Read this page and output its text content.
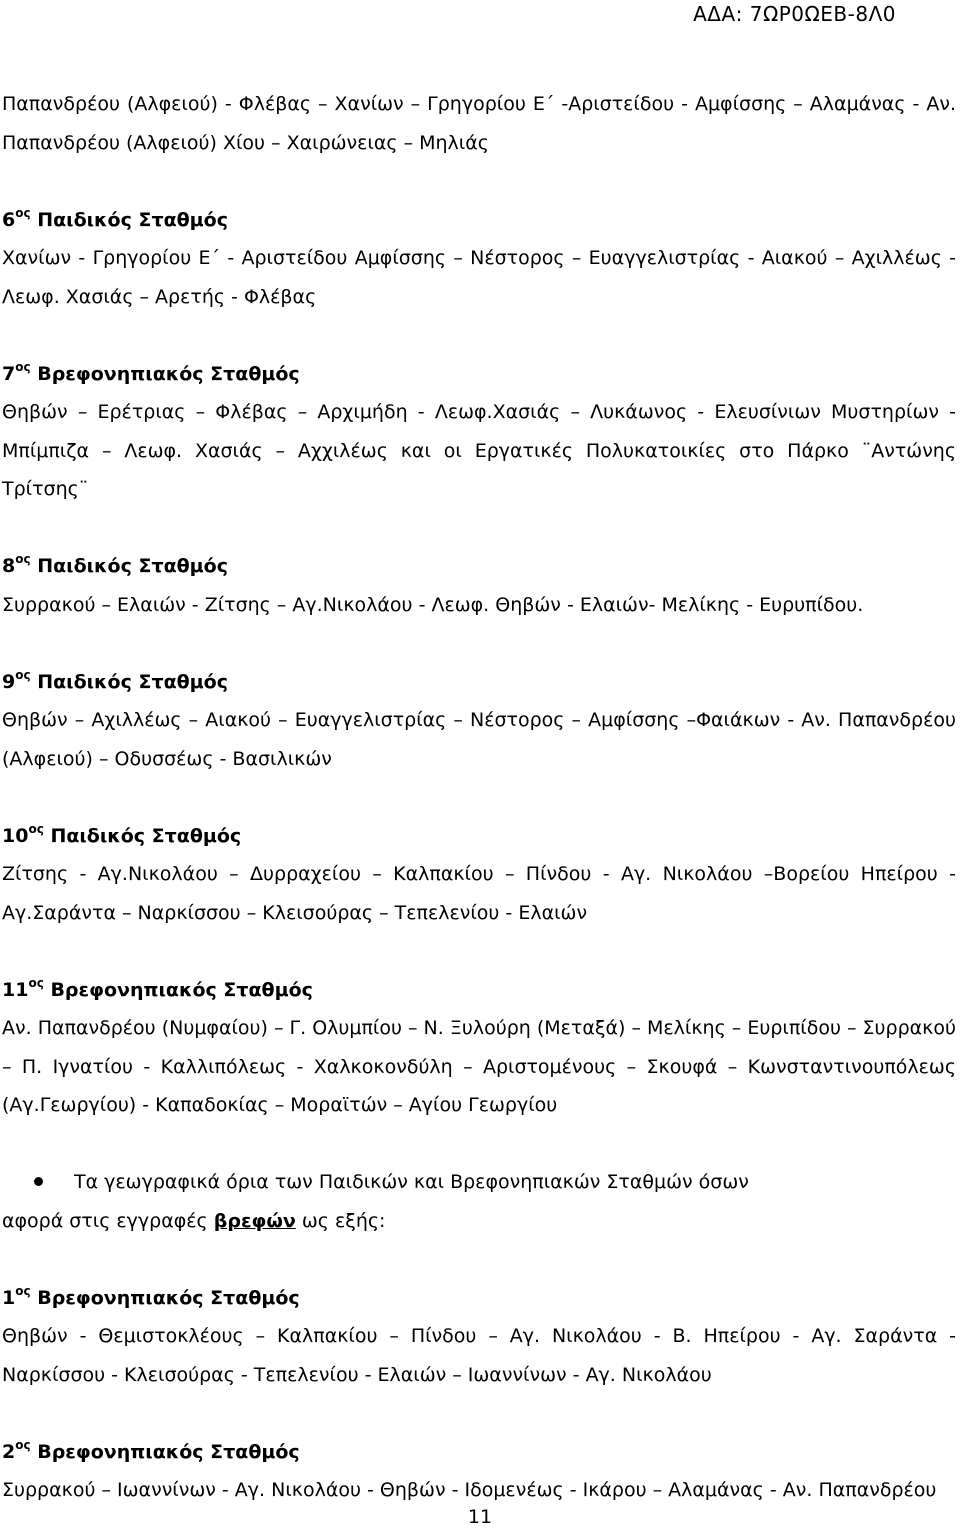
ΑΔΑ: 7ΩΡ0ΩΕΒ-8Λ0

Παπανδρέου (Αλφειού) - Φλέβας – Χανίων – Γρηγορίου Ε΄ -Αριστείδου - Αμφίσσης – Αλαμάνας - Αν. Παπανδρέου (Αλφειού) Χίου – Χαιρώνειας – Μηλιάς

$6^{o\varsigma}$ Παιδικός Σταθμός

Χανίων - Γρηγορίου Ε΄ - Αριστείδου Αμφίσσης – Νέστορος – Ευαγγελιστρίας - Αιακού – Αχιλλέως - Λεωφ. Χασιάς – Αρετής - Φλέβας

$7^{o\varsigma}$ Βρεφονηπιακός Σταθμός

Θηβών – Ερέτριας – Φλέβας – Αρχιμήδη - Λεωφ.Χασιάς – Λυκάωνος - Ελευσίνιων Μυστηρίων - Μπίμπιζα – Λεωφ. Χασιάς – Αχχιλέως και οι Εργατικές Πολυκατοικίες στο Πάρκο ¨Αντώνης Τρίτσης¨

$8^{o\varsigma}$ Παιδικός Σταθμός

Συρρακού – Ελαιών - Ζίτσης – Αγ.Νικολάου - Λεωφ. Θηβών - Ελαιών- Μελίκης - Ευρυπίδου.

$9^{o\varsigma}$ Παιδικός Σταθμός

Θηβών – Αχιλλέως – Αιακού – Ευαγγελιστρίας – Νέστορος – Αμφίσσης –Φαιάκων - Αν. Παπανδρέου (Αλφειού) – Οδυσσέως - Βασιλικών

$10^{o\varsigma}$ Παιδικός Σταθμός

Ζίτσης - Αγ.Νικολάου – Δυρραχείου – Καλπακίου – Πίνδου - Αγ. Νικολάου –Βορείου Ηπείρου - Αγ.Σαράντα – Ναρκίσσου – Κλεισούρας – Τεπελενίου - Ελαιών

$11^{o\varsigma}$ Βρεφονηπιακός Σταθμός

Αν. Παπανδρέου (Νυμφαίου) – Γ. Ολυμπίου – Ν. Ξυλούρη (Μεταξά) – Μελίκης – Ευριπίδου – Συρρακού – Π. Ιγνατίου - Καλλιπόλεως - Χαλκοκονδύλη – Αριστομένους – Σκουφά – Κωνσταντινουπόλεως (Αγ.Γεωργίου) - Καπαδοκίας – Μοραϊτών – Αγίου Γεωργίου

Τα γεωγραφικά όρια των Παιδικών και Βρεφονηπιακών Σταθμών όσων

αφορά στις εγγραφές βρεφών ως εξής:

$1^{o\varsigma}$ Βρεφονηπιακός Σταθμός

Θηβών - Θεμιστοκλέους – Καλπακίου – Πίνδου – Αγ. Νικολάου - Β. Ηπείρου - Αγ. Σαράντα - Ναρκίσσου - Κλεισούρας - Τεπελενίου - Ελαιών – Ιωαννίνων - Αγ. Νικολάου

$2^{o\varsigma}$ Βρεφονηπιακός Σταθμός

Συρρακού – Ιωαννίνων - Αγ. Νικολάου - Θηβών - Ιδομενέως - Ικάρου – Αλαμάνας - Αν. Παπανδρέου

11
